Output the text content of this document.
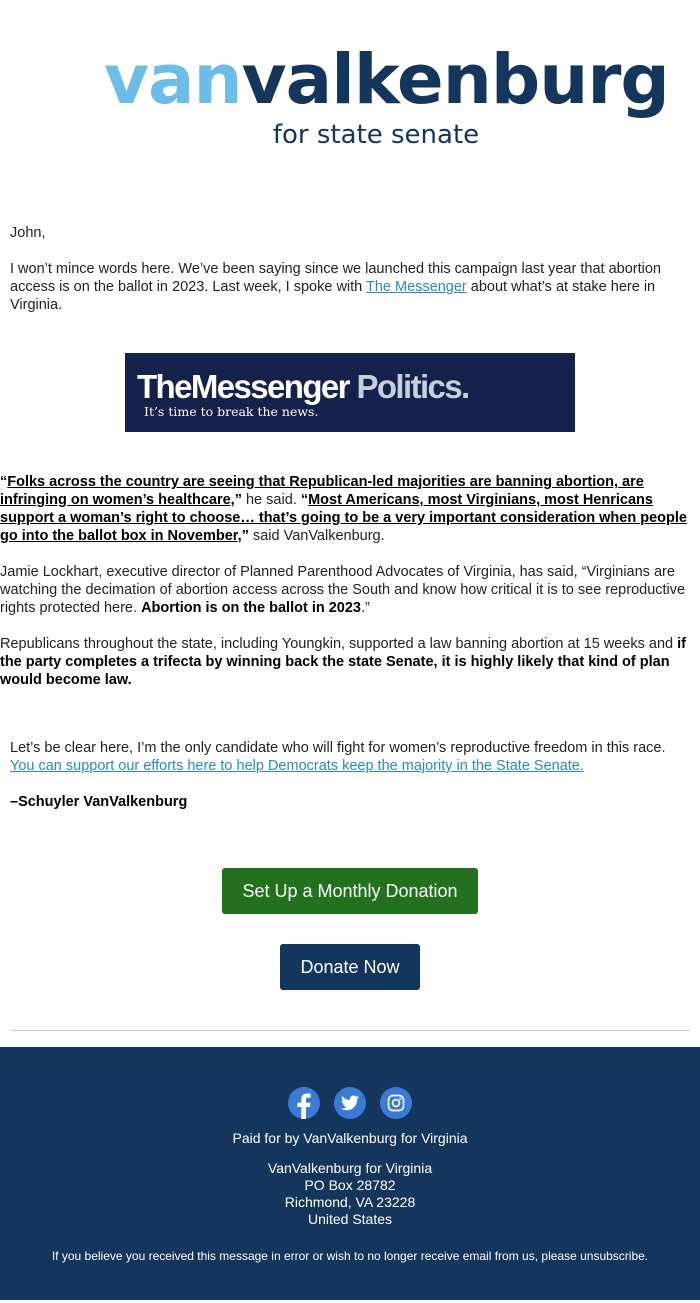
vanvalkenburg
for state senate
John,
I won’t mince words here. We’ve been saying since we launched this campaign last year that abortion access is on the ballot in 2023. Last week, I spoke with The Messenger about what’s at stake here in Virginia.
TheMessenger Politics.
It’s time to break the news.
“Folks across the country are seeing that Republican-led majorities are banning abortion, are infringing on women’s healthcare,” he said. “Most Americans, most Virginians, most Henricans support a woman’s right to choose… that’s going to be a very important consideration when people go into the ballot box in November,” said VanValkenburg.
Jamie Lockhart, executive director of Planned Parenthood Advocates of Virginia, has said, “Virginians are watching the decimation of abortion access across the South and know how critical it is to see reproductive rights protected here. Abortion is on the ballot in 2023.”
Republicans throughout the state, including Youngkin, supported a law banning abortion at 15 weeks and if the party completes a trifecta by winning back the state Senate, it is highly likely that kind of plan would become law.
Let’s be clear here, I’m the only candidate who will fight for women’s reproductive freedom in this race.
You can support our efforts here to help Democrats keep the majority in the State Senate.
–Schuyler VanValkenburg
Set Up a Monthly Donation
Donate Now
Paid for by VanValkenburg for Virginia
VanValkenburg for Virginia
PO Box 28782
Richmond, VA 23228
United States
If you believe you received this message in error or wish to no longer receive email from us, please unsubscribe.
